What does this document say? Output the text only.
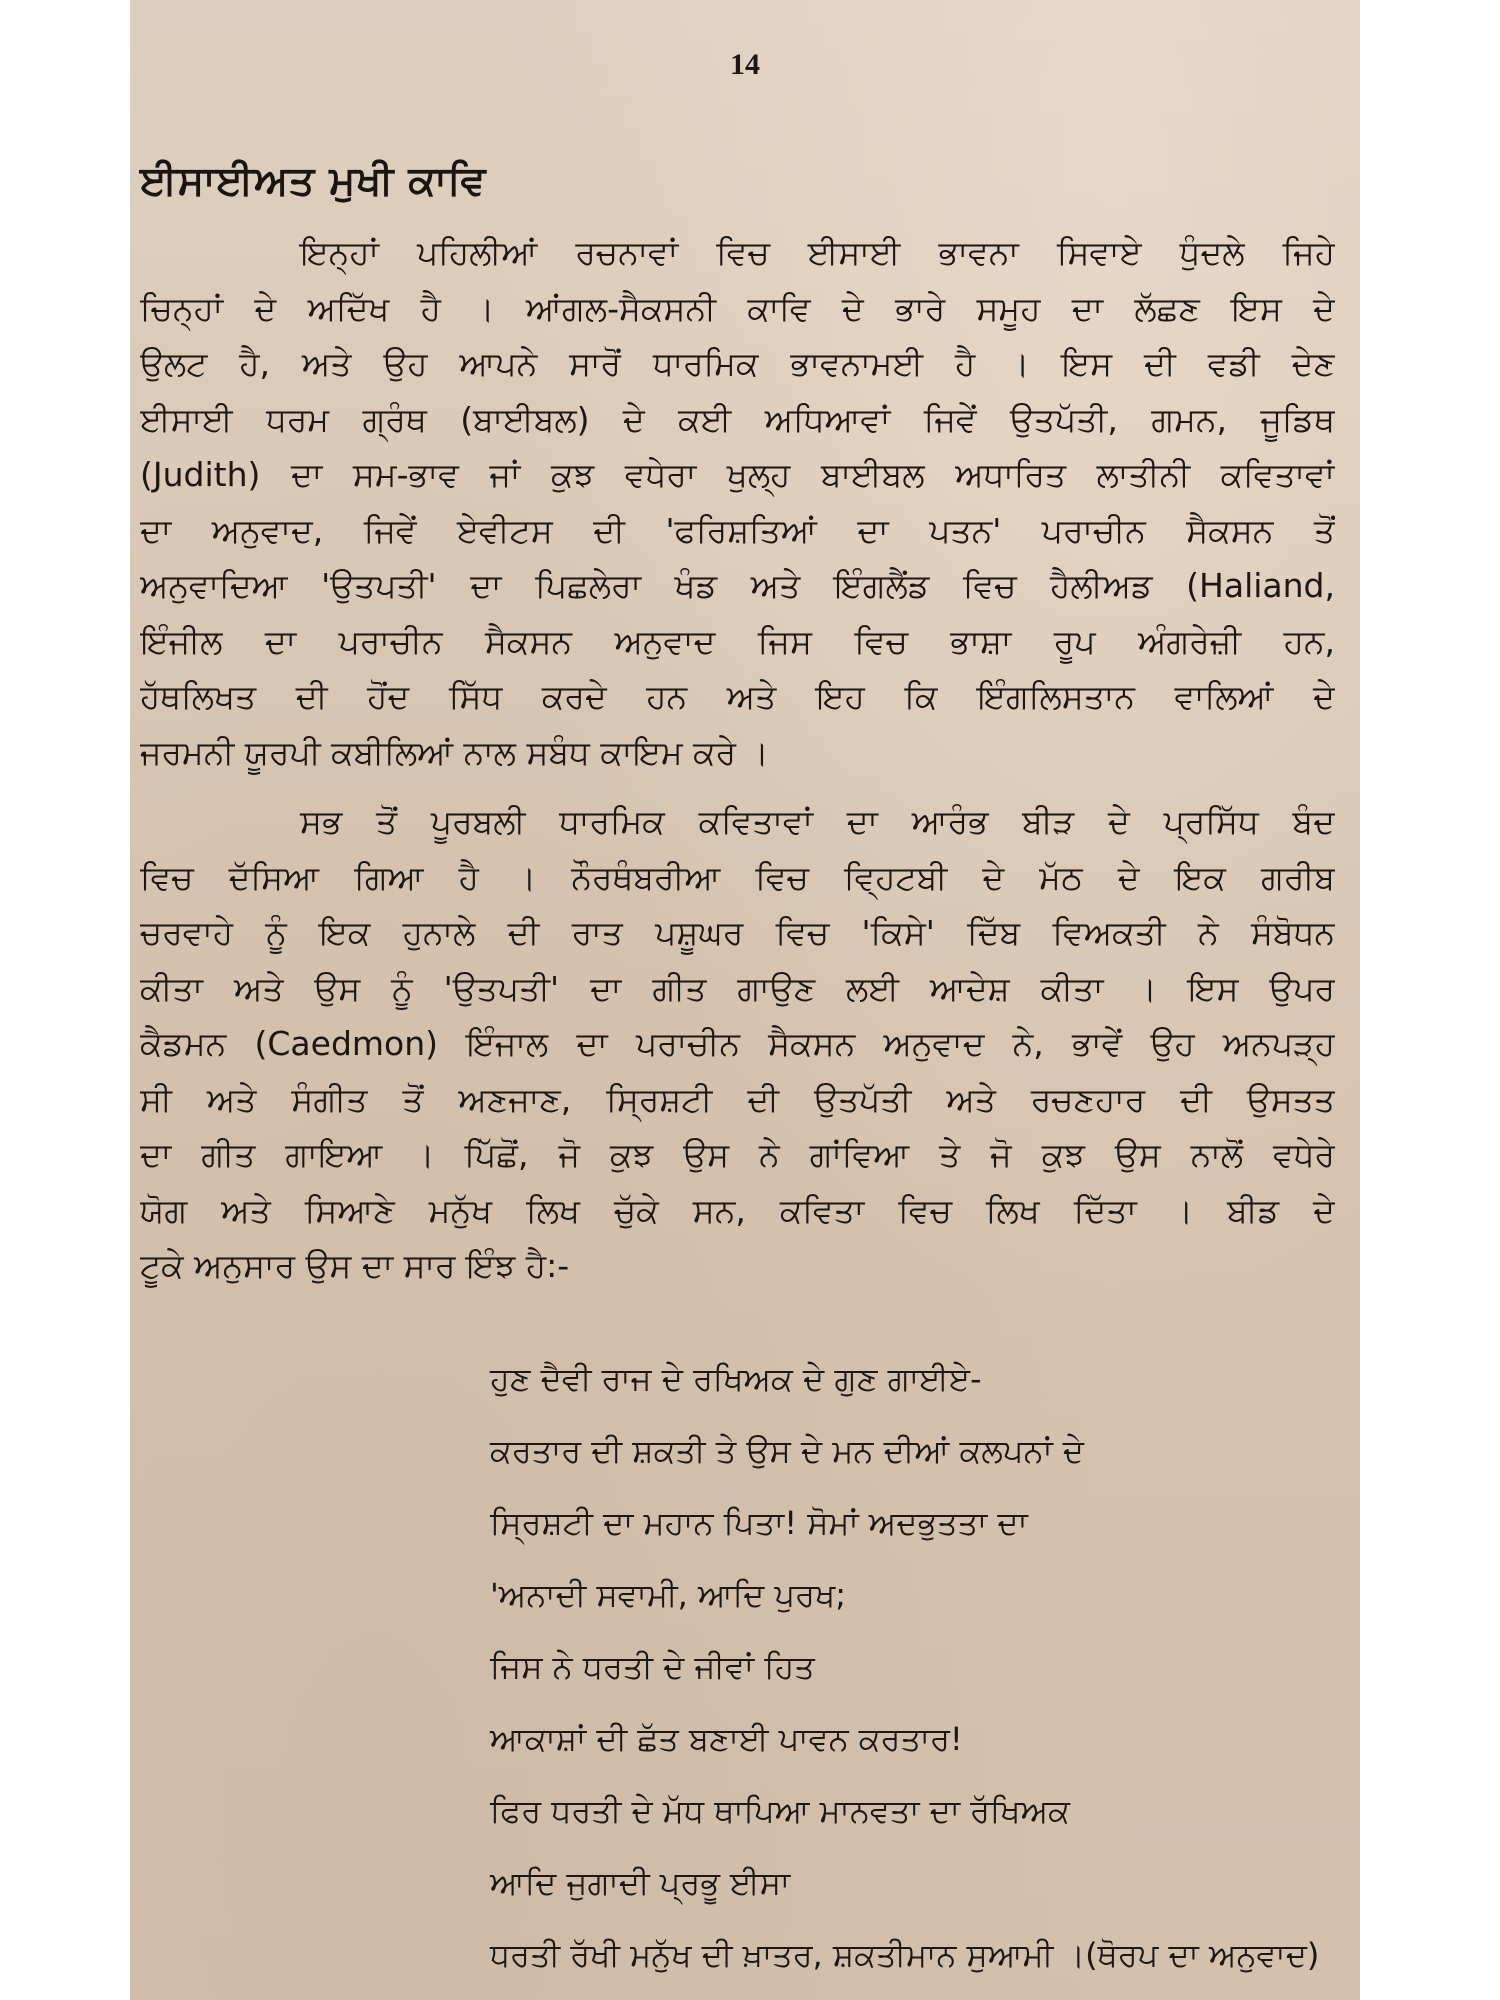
14
ਈਸਾਈਅਤ ਮੁਖੀ ਕਾਵਿ
ਇਨ੍ਹਾਂ ਪਹਿਲੀਆਂ ਰਚਨਾਵਾਂ ਵਿਚ ਈਸਾਈ ਭਾਵਨਾ ਸਿਵਾਏ ਧੁੰਦਲੇ ਜਿਹੇ
ਚਿਨ੍ਹਾਂ ਦੇ ਅਦਿੱਖ ਹੈ । ਆਂਗਲ-ਸੈਕਸਨੀ ਕਾਵਿ ਦੇ ਭਾਰੇ ਸਮੂਹ ਦਾ ਲੱਛਣ ਇਸ ਦੇ
ਉਲਟ ਹੈ, ਅਤੇ ਉਹ ਆਪਨੇ ਸਾਰੋਂ ਧਾਰਮਿਕ ਭਾਵਨਾਮਈ ਹੈ । ਇਸ ਦੀ ਵਡੀ ਦੇਣ
ਈਸਾਈ ਧਰਮ ਗ੍ਰੰਥ (ਬਾਈਬਲ) ਦੇ ਕਈ ਅਧਿਆਵਾਂ ਜਿਵੇਂ ਉਤਪੱਤੀ, ਗਮਨ, ਜੂਡਿਥ
(Judith) ਦਾ ਸਮ-ਭਾਵ ਜਾਂ ਕੁਝ ਵਧੇਰਾ ਖੁਲ੍ਹ ਬਾਈਬਲ ਅਧਾਰਿਤ ਲਾਤੀਨੀ ਕਵਿਤਾਵਾਂ
ਦਾ ਅਨੁਵਾਦ, ਜਿਵੇਂ ਏਵੀਟਸ ਦੀ 'ਫਰਿਸ਼ਤਿਆਂ ਦਾ ਪਤਨ' ਪਰਾਚੀਨ ਸੈਕਸਨ ਤੋਂ
ਅਨੁਵਾਦਿਆ 'ਉਤਪਤੀ' ਦਾ ਪਿਛਲੇਰਾ ਖੰਡ ਅਤੇ ਇੰਗਲੈਂਡ ਵਿਚ ਹੈਲੀਅਡ (Haliand,
ਇੰਜੀਲ ਦਾ ਪਰਾਚੀਨ ਸੈਕਸਨ ਅਨੁਵਾਦ ਜਿਸ ਵਿਚ ਭਾਸ਼ਾ ਰੂਪ ਅੰਗਰੇਜ਼ੀ ਹਨ,
ਹੱਥਲਿਖਤ ਦੀ ਹੋਂਦ ਸਿੱਧ ਕਰਦੇ ਹਨ ਅਤੇ ਇਹ ਕਿ ਇੰਗਲਿਸਤਾਨ ਵਾਲਿਆਂ ਦੇ
ਜਰਮਨੀ ਯੂਰਪੀ ਕਬੀਲਿਆਂ ਨਾਲ ਸਬੰਧ ਕਾਇਮ ਕਰੇ ।
ਸਭ ਤੋਂ ਪੂਰਬਲੀ ਧਾਰਮਿਕ ਕਵਿਤਾਵਾਂ ਦਾ ਆਰੰਭ ਬੀੜ ਦੇ ਪ੍ਰਸਿੱਧ ਬੰਦ
ਵਿਚ ਦੱਸਿਆ ਗਿਆ ਹੈ । ਨੌਰਥੰਬਰੀਆ ਵਿਚ ਵ੍ਹਿਟਬੀ ਦੇ ਮੱਠ ਦੇ ਇਕ ਗਰੀਬ
ਚਰਵਾਹੇ ਨੂੰ ਇਕ ਹੁਨਾਲੇ ਦੀ ਰਾਤ ਪਸ਼ੂਘਰ ਵਿਚ 'ਕਿਸੇ' ਦਿੱਬ ਵਿਅਕਤੀ ਨੇ ਸੰਬੋਧਨ
ਕੀਤਾ ਅਤੇ ਉਸ ਨੂੰ 'ਉਤਪਤੀ' ਦਾ ਗੀਤ ਗਾਉਣ ਲਈ ਆਦੇਸ਼ ਕੀਤਾ । ਇਸ ਉਪਰ
ਕੈਡਮਨ (Caedmon) ਇੰਜਾਲ ਦਾ ਪਰਾਚੀਨ ਸੈਕਸਨ ਅਨੁਵਾਦ ਨੇ, ਭਾਵੇਂ ਉਹ ਅਨਪੜ੍ਹ
ਸੀ ਅਤੇ ਸੰਗੀਤ ਤੋਂ ਅਣਜਾਣ, ਸ੍ਰਿਸ਼ਟੀ ਦੀ ਉਤਪੱਤੀ ਅਤੇ ਰਚਣਹਾਰ ਦੀ ਉਸਤਤ
ਦਾ ਗੀਤ ਗਾਇਆ । ਪਿੱਛੋਂ, ਜੋ ਕੁਝ ਉਸ ਨੇ ਗਾਂਵਿਆ ਤੇ ਜੋ ਕੁਝ ਉਸ ਨਾਲੋਂ ਵਧੇਰੇ
ਯੋਗ ਅਤੇ ਸਿਆਣੇ ਮਨੁੱਖ ਲਿਖ ਚੁੱਕੇ ਸਨ, ਕਵਿਤਾ ਵਿਚ ਲਿਖ ਦਿੱਤਾ । ਬੀਡ ਦੇ
ਟੂਕੇ ਅਨੁਸਾਰ ਉਸ ਦਾ ਸਾਰ ਇੰਝ ਹੈ:-
ਹੁਣ ਦੈਵੀ ਰਾਜ ਦੇ ਰਖਿਅਕ ਦੇ ਗੁਣ ਗਾਈਏ-
ਕਰਤਾਰ ਦੀ ਸ਼ਕਤੀ ਤੇ ਉਸ ਦੇ ਮਨ ਦੀਆਂ ਕਲਪਨਾਂ ਦੇ
ਸ੍ਰਿਸ਼ਟੀ ਦਾ ਮਹਾਨ ਪਿਤਾ! ਸੋਮਾਂ ਅਦਭੁਤਤਾ ਦਾ
'ਅਨਾਦੀ ਸਵਾਮੀ, ਆਦਿ ਪੁਰਖ;
ਜਿਸ ਨੇ ਧਰਤੀ ਦੇ ਜੀਵਾਂ ਹਿਤ
ਆਕਾਸ਼ਾਂ ਦੀ ਛੱਤ ਬਣਾਈ ਪਾਵਨ ਕਰਤਾਰ!
ਫਿਰ ਧਰਤੀ ਦੇ ਮੱਧ ਥਾਪਿਆ ਮਾਨਵਤਾ ਦਾ ਰੱਖਿਅਕ
ਆਦਿ ਜੁਗਾਦੀ ਪ੍ਰਭੂ ਈਸਾ
ਧਰਤੀ ਰੱਖੀ ਮਨੁੱਖ ਦੀ ਖ਼ਾਤਰ, ਸ਼ਕਤੀਮਾਨ ਸੁਆਮੀ ।(ਥੋਰਪ ਦਾ ਅਨੁਵਾਦ)
